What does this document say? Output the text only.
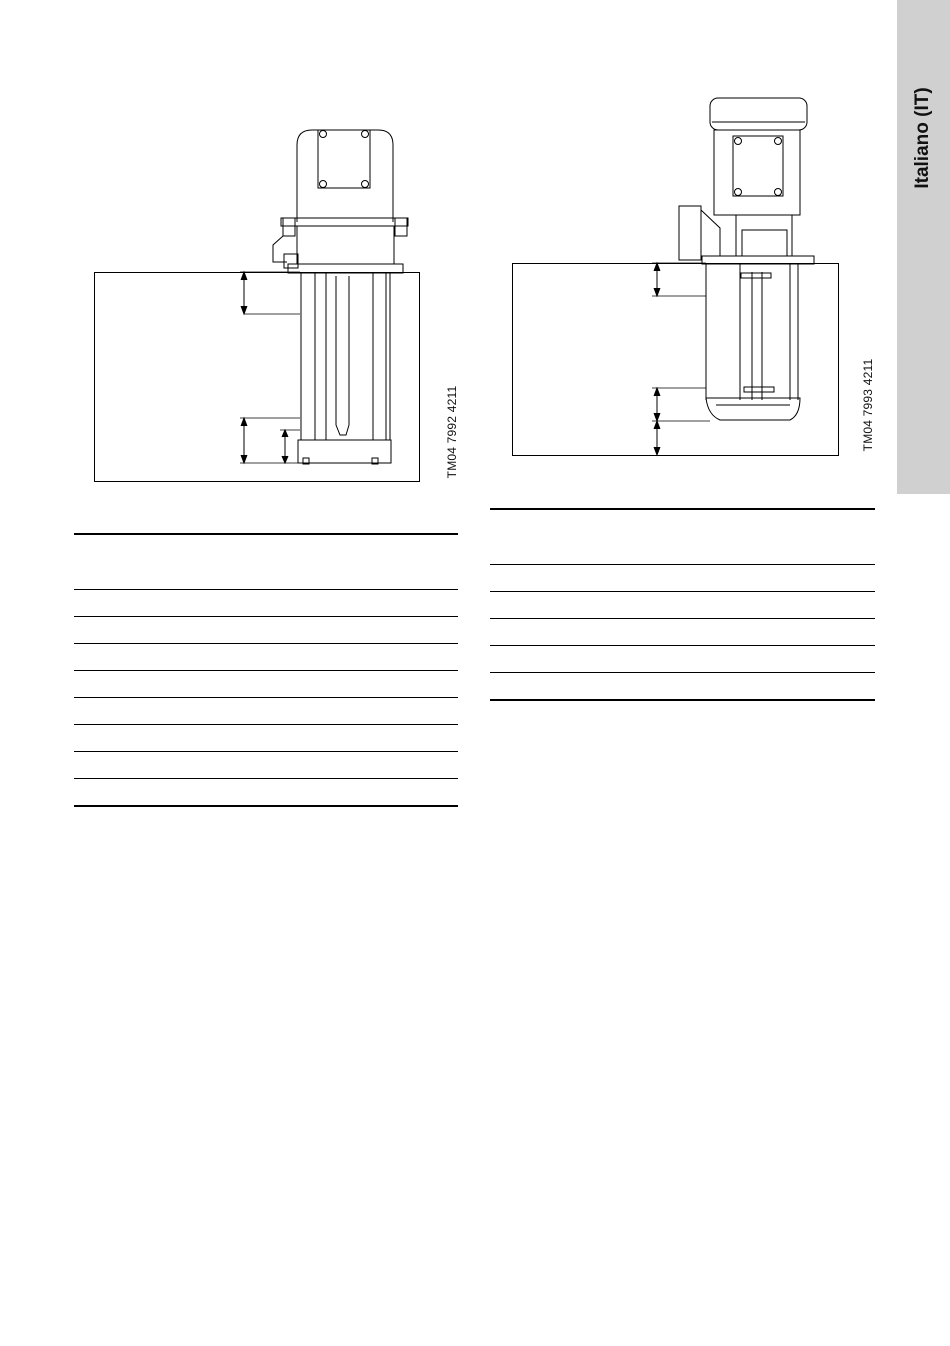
Italiano (IT)
TM04 7992 4211	TM04 7993 4211
